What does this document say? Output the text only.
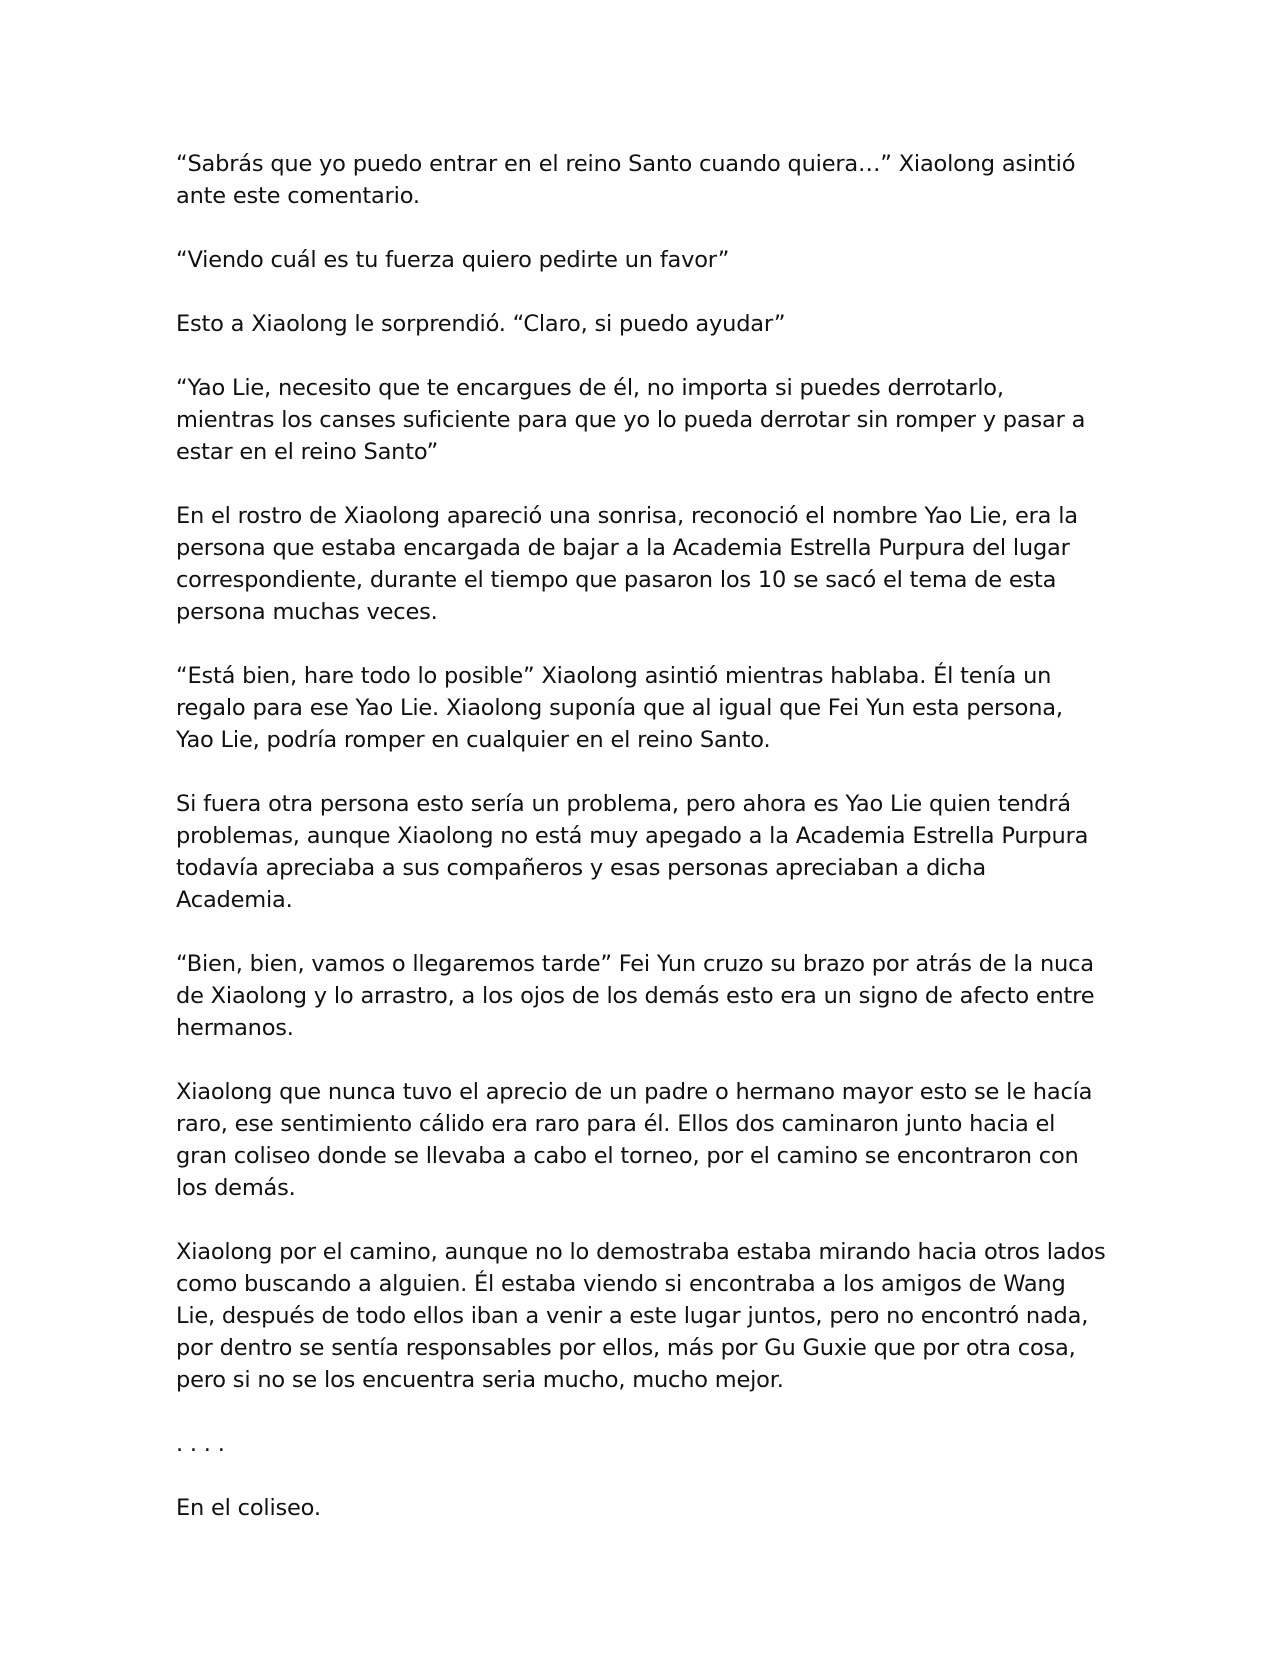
“Sabrás que yo puedo entrar en el reino Santo cuando quiera…” Xiaolong asintió ante este comentario.

“Viendo cuál es tu fuerza quiero pedirte un favor”

Esto a Xiaolong le sorprendió. “Claro, si puedo ayudar”

“Yao Lie, necesito que te encargues de él, no importa si puedes derrotarlo, mientras los canses suficiente para que yo lo pueda derrotar sin romper y pasar a estar en el reino Santo”

En el rostro de Xiaolong apareció una sonrisa, reconoció el nombre Yao Lie, era la persona que estaba encargada de bajar a la Academia Estrella Purpura del lugar correspondiente, durante el tiempo que pasaron los 10 se sacó el tema de esta persona muchas veces.

“Está bien, hare todo lo posible” Xiaolong asintió mientras hablaba. Él tenía un regalo para ese Yao Lie. Xiaolong suponía que al igual que Fei Yun esta persona, Yao Lie, podría romper en cualquier en el reino Santo.

Si fuera otra persona esto sería un problema, pero ahora es Yao Lie quien tendrá problemas, aunque Xiaolong no está muy apegado a la Academia Estrella Purpura todavía apreciaba a sus compañeros y esas personas apreciaban a dicha Academia.

“Bien, bien, vamos o llegaremos tarde” Fei Yun cruzo su brazo por atrás de la nuca de Xiaolong y lo arrastro, a los ojos de los demás esto era un signo de afecto entre hermanos.

Xiaolong que nunca tuvo el aprecio de un padre o hermano mayor esto se le hacía raro, ese sentimiento cálido era raro para él. Ellos dos caminaron junto hacia el gran coliseo donde se llevaba a cabo el torneo, por el camino se encontraron con los demás.

Xiaolong por el camino, aunque no lo demostraba estaba mirando hacia otros lados como buscando a alguien. Él estaba viendo si encontraba a los amigos de Wang Lie, después de todo ellos iban a venir a este lugar juntos, pero no encontró nada, por dentro se sentía responsables por ellos, más por Gu Guxie que por otra cosa, pero si no se los encuentra seria mucho, mucho mejor.

. . . .

En el coliseo.
